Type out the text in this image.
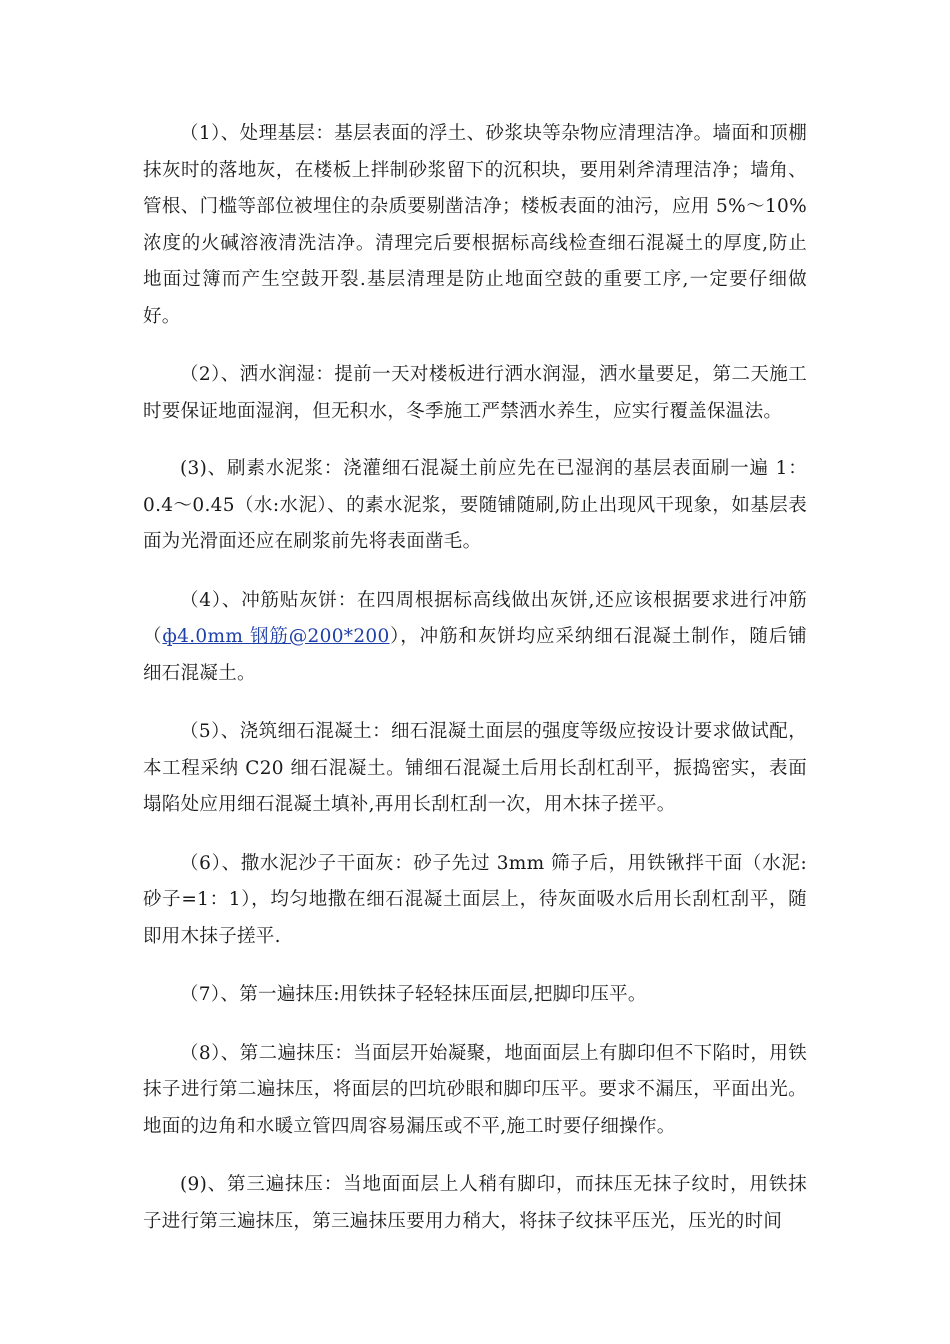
（1）、处理基层：基层表面的浮土、砂浆块等杂物应清理洁净。墙面和顶棚抹灰时的落地灰，在楼板上拌制砂浆留下的沉积块，要用剁斧清理洁净；墙角、管根、门槛等部位被埋住的杂质要剔凿洁净；楼板表面的油污，应用 5%～10%浓度的火碱溶液清洗洁净。清理完后要根据标高线检查细石混凝土的厚度,防止地面过簿而产生空鼓开裂.基层清理是防止地面空鼓的重要工序,一定要仔细做好。

（2）、洒水润湿：提前一天对楼板进行洒水润湿，洒水量要足，第二天施工时要保证地面湿润，但无积水，冬季施工严禁洒水养生，应实行覆盖保温法。

(3)、刷素水泥浆：浇灌细石混凝土前应先在已湿润的基层表面刷一遍 1：0.4～0.45（水:水泥）、的素水泥浆，要随铺随刷,防止出现风干现象，如基层表面为光滑面还应在刷浆前先将表面凿毛。

（4）、冲筋贴灰饼：在四周根据标高线做出灰饼,还应该根据要求进行冲筋（ф4.0mm 钢筋@200*200），冲筋和灰饼均应采纳细石混凝土制作，随后铺细石混凝土。

（5）、浇筑细石混凝土：细石混凝土面层的强度等级应按设计要求做试配，本工程采纳 C20 细石混凝土。铺细石混凝土后用长刮杠刮平，振捣密实，表面塌陷处应用细石混凝土填补,再用长刮杠刮一次，用木抹子搓平。

（6）、撒水泥沙子干面灰：砂子先过 3mm 筛子后，用铁锹拌干面（水泥:砂子=1：1），均匀地撒在细石混凝土面层上，待灰面吸水后用长刮杠刮平，随即用木抹子搓平.

（7）、第一遍抹压:用铁抹子轻轻抹压面层,把脚印压平。

（8）、第二遍抹压：当面层开始凝聚，地面面层上有脚印但不下陷时，用铁抹子进行第二遍抹压，将面层的凹坑砂眼和脚印压平。要求不漏压，平面出光。地面的边角和水暖立管四周容易漏压或不平,施工时要仔细操作。

(9)、第三遍抹压：当地面面层上人稍有脚印，而抹压无抹子纹时，用铁抹子进行第三遍抹压，第三遍抹压要用力稍大，将抹子纹抹平压光，压光的时间
